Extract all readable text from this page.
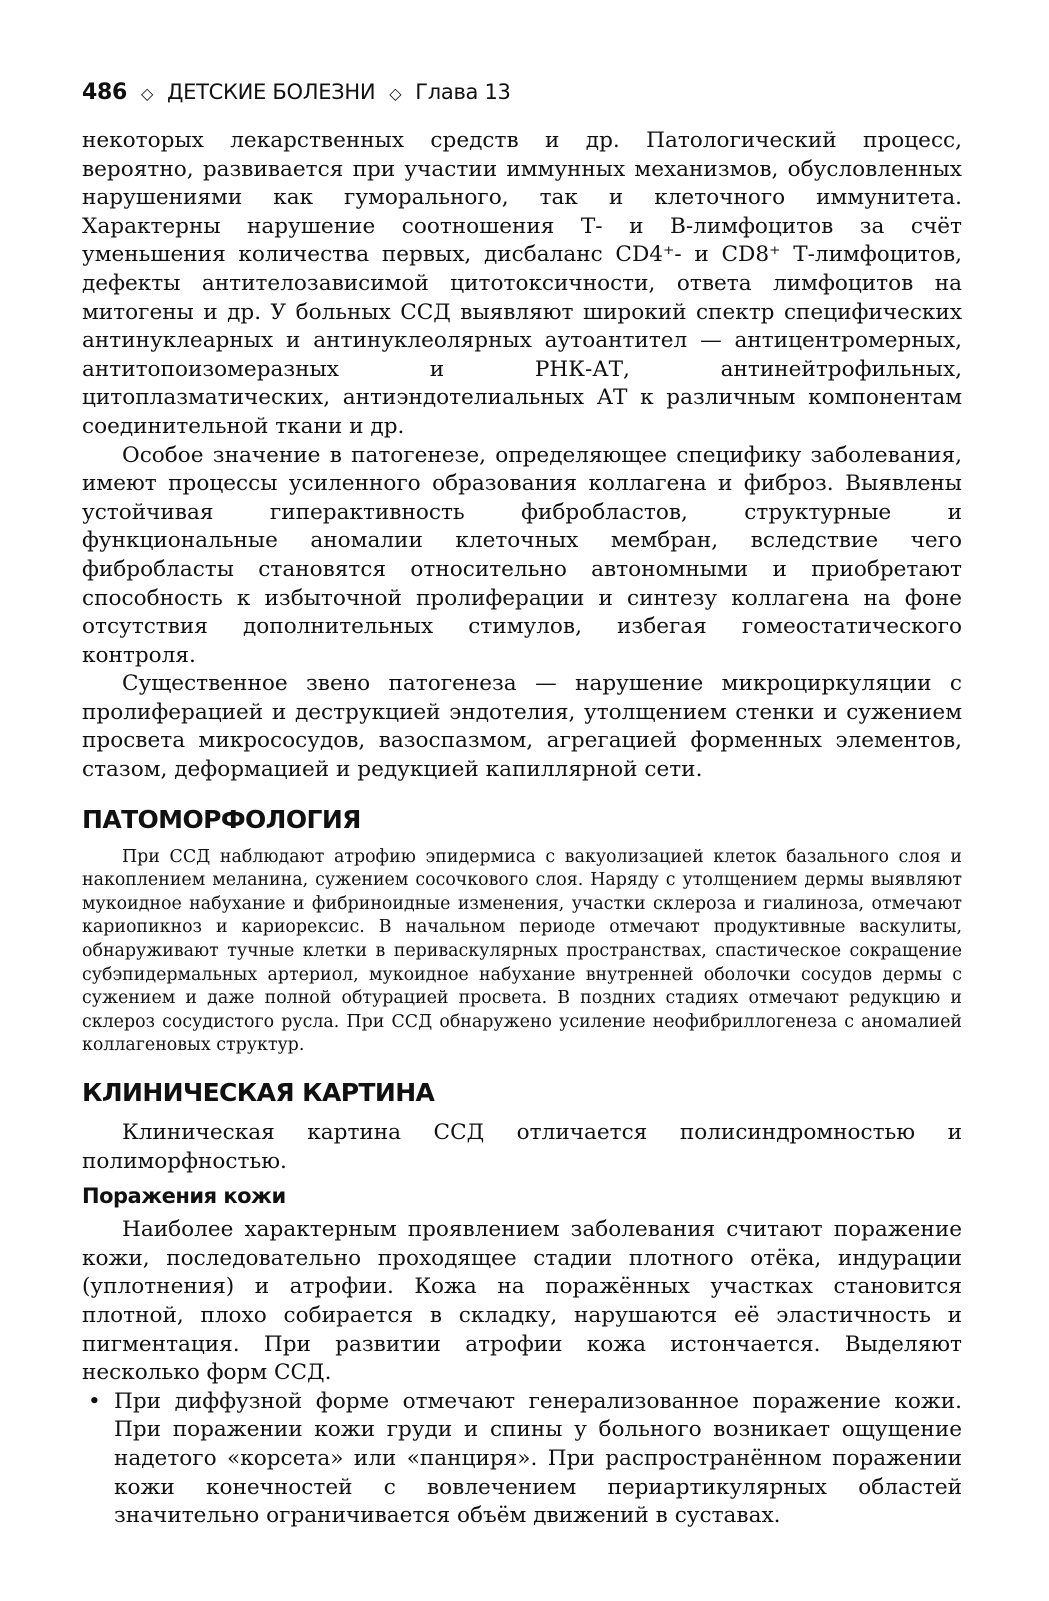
486 ◇ ДЕТСКИЕ БОЛЕЗНИ ◇ Глава 13

некоторых лекарственных средств и др. Патологический процесс, вероятно, развивается при участии иммунных механизмов, обусловленных нарушениями как гуморального, так и клеточного иммунитета. Характерны нарушение соотношения Т- и В-лимфоцитов за счёт уменьшения количества первых, дисбаланс CD4⁺- и CD8⁺ Т-лимфоцитов, дефекты антителозависимой цитотоксичности, ответа лимфоцитов на митогены и др. У больных ССД выявляют широкий спектр специфических антинуклеарных и антинуклеолярных аутоантител — антицентромерных, антитопоизомеразных и РНК-АТ, антинейтрофильных, цитоплазматических, антиэндотелиальных АТ к различным компонентам соединительной ткани и др.

Особое значение в патогенезе, определяющее специфику заболевания, имеют процессы усиленного образования коллагена и фиброз. Выявлены устойчивая гиперактивность фибробластов, структурные и функциональные аномалии клеточных мембран, вследствие чего фибробласты становятся относительно автономными и приобретают способность к избыточной пролиферации и синтезу коллагена на фоне отсутствия дополнительных стимулов, избегая гомеостатического контроля.

Существенное звено патогенеза — нарушение микроциркуляции с пролиферацией и деструкцией эндотелия, утолщением стенки и сужением просвета микрососудов, вазоспазмом, агрегацией форменных элементов, стазом, деформацией и редукцией капиллярной сети.

ПАТОМОРФОЛОГИЯ

При ССД наблюдают атрофию эпидермиса с вакуолизацией клеток базального слоя и накоплением меланина, сужением сосочкового слоя. Наряду с утолщением дермы выявляют мукоидное набухание и фибриноидные изменения, участки склероза и гиалиноза, отмечают кариопикноз и кариорексис. В начальном периоде отмечают продуктивные васкулиты, обнаруживают тучные клетки в периваскулярных пространствах, спастическое сокращение субэпидермальных артериол, мукоидное набухание внутренней оболочки сосудов дермы с сужением и даже полной обтурацией просвета. В поздних стадиях отмечают редукцию и склероз сосудистого русла. При ССД обнаружено усиление неофибриллогенеза с аномалией коллагеновых структур.

КЛИНИЧЕСКАЯ КАРТИНА

Клиническая картина ССД отличается полисиндромностью и полиморфностью.

Поражения кожи

Наиболее характерным проявлением заболевания считают поражение кожи, последовательно проходящее стадии плотного отёка, индурации (уплотнения) и атрофии. Кожа на поражённых участках становится плотной, плохо собирается в складку, нарушаются её эластичность и пигментация. При развитии атрофии кожа истончается. Выделяют несколько форм ССД.

• При диффузной форме отмечают генерализованное поражение кожи. При поражении кожи груди и спины у больного возникает ощущение надетого «корсета» или «панциря». При распространённом поражении кожи конечностей с вовлечением периартикулярных областей значительно ограничивается объём движений в суставах.
